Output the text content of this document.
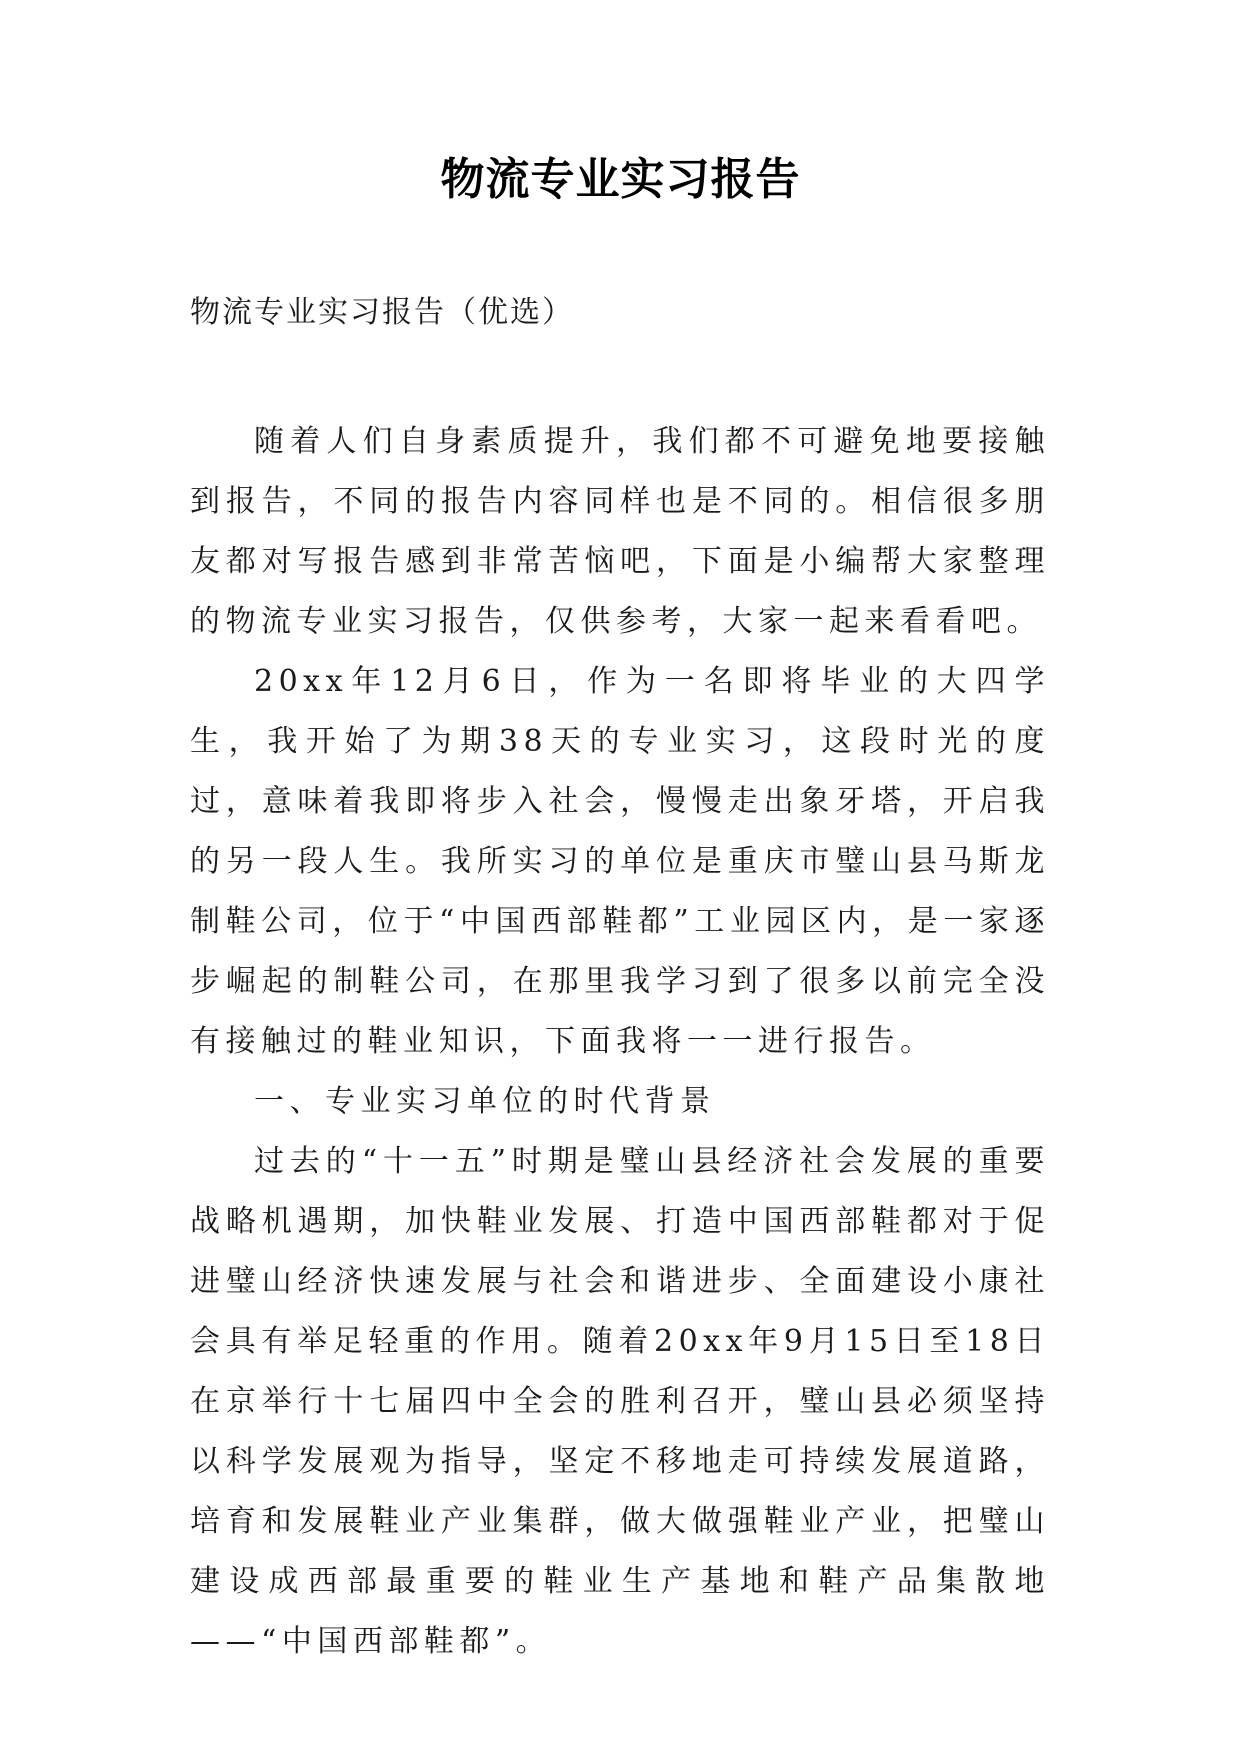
物流专业实习报告
物流专业实习报告（优选）

随着人们自身素质提升，我们都不可避免地要接触到报告，不同的报告内容同样也是不同的。相信很多朋友都对写报告感到非常苦恼吧，下面是小编帮大家整理的物流专业实习报告，仅供参考，大家一起来看看吧。

20xx年12月6日，作为一名即将毕业的大四学生，我开始了为期38天的专业实习，这段时光的度过，意味着我即将步入社会，慢慢走出象牙塔，开启我的另一段人生。我所实习的单位是重庆市璧山县马斯龙制鞋公司，位于“中国西部鞋都”工业园区内，是一家逐步崛起的制鞋公司，在那里我学习到了很多以前完全没有接触过的鞋业知识，下面我将一一进行报告。

一、专业实习单位的时代背景

过去的“十一五”时期是璧山县经济社会发展的重要战略机遇期，加快鞋业发展、打造中国西部鞋都对于促进璧山经济快速发展与社会和谐进步、全面建设小康社会具有举足轻重的作用。随着20xx年9月15日至18日在京举行十七届四中全会的胜利召开，璧山县必须坚持以科学发展观为指导，坚定不移地走可持续发展道路，培育和发展鞋业产业集群，做大做强鞋业产业，把璧山建设成西部最重要的鞋业生产基地和鞋产品集散地——“中国西部鞋都”。
